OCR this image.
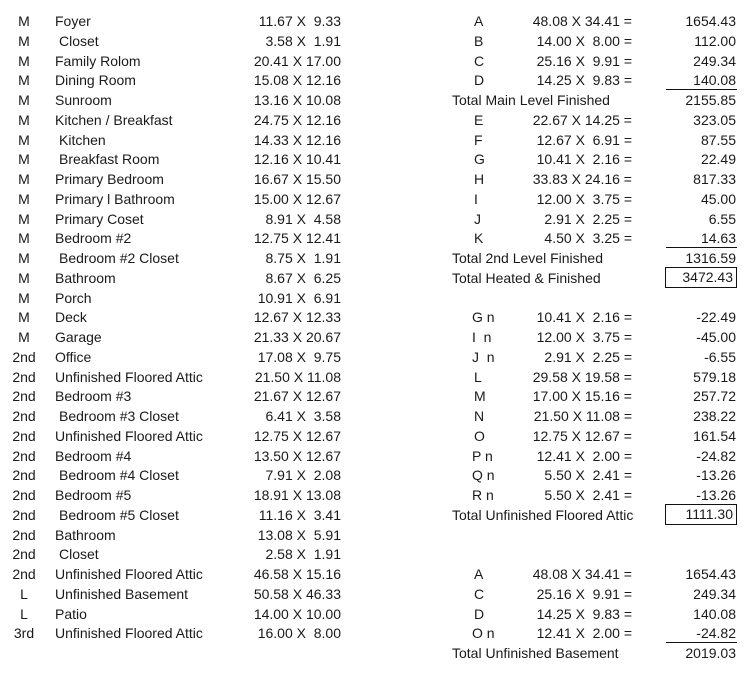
M	Foyer	11.67 X  9.33
M	Closet	3.58 X  1.91
M	Family Rolom	20.41 X 17.00
M	Dining Room	15.08 X 12.16
M	Sunroom	13.16 X 10.08
M	Kitchen / Breakfast	24.75 X 12.16
M	Kitchen	14.33 X 12.16
M	Breakfast Room	12.16 X 10.41
M	Primary Bedroom	16.67 X 15.50
M	Primary l Bathroom	15.00 X 12.67
M	Primary Coset	8.91 X  4.58
M	Bedroom #2	12.75 X 12.41
M	Bedroom #2 Closet	8.75 X  1.91
M	Bathroom	8.67 X  6.25
M	Porch	10.91 X  6.91
M	Deck	12.67 X 12.33
M	Garage	21.33 X 20.67
2nd	Office	17.08 X  9.75
2nd	Unfinished Floored Attic	21.50 X 11.08
2nd	Bedroom #3	21.67 X 12.67
2nd	Bedroom #3 Closet	6.41 X  3.58
2nd	Unfinished Floored Attic	12.75 X 12.67
2nd	Bedroom #4	13.50 X 12.67
2nd	Bedroom #4 Closet	7.91 X  2.08
2nd	Bedroom #5	18.91 X 13.08
2nd	Bedroom #5 Closet	11.16 X  3.41
2nd	Bathroom	13.08 X  5.91
2nd	Closet	2.58 X  1.91
2nd	Unfinished Floored Attic	46.58 X 15.16
L	Unfinished Basement	50.58 X 46.33
L	Patio	14.00 X 10.00
3rd	Unfinished Floored Attic	16.00 X  8.00
A	48.08 X 34.41 =	1654.43
B	14.00 X  8.00 =	112.00
C	25.16 X  9.91 =	249.34
D	14.25 X  9.83 =	140.08
Total Main Level Finished	2155.85
E	22.67 X 14.25 =	323.05
F	12.67 X  6.91 =	87.55
G	10.41 X  2.16 =	22.49
H	33.83 X 24.16 =	817.33
I	12.00 X  3.75 =	45.00
J	2.91 X  2.25 =	6.55
K	4.50 X  3.25 =	14.63
Total 2nd Level Finished	1316.59
Total Heated & Finished	3472.43
G n	10.41 X  2.16 =	-22.49
I  n	12.00 X  3.75 =	-45.00
J  n	2.91 X  2.25 =	-6.55
L	29.58 X 19.58 =	579.18
M	17.00 X 15.16 =	257.72
N	21.50 X 11.08 =	238.22
O	12.75 X 12.67 =	161.54
P n	12.41 X  2.00 =	-24.82
Q n	5.50 X  2.41 =	-13.26
R n	5.50 X  2.41 =	-13.26
Total Unfinished Floored Attic	1111.30
A	48.08 X 34.41 =	1654.43
C	25.16 X  9.91 =	249.34
D	14.25 X  9.83 =	140.08
O n	12.41 X  2.00 =	-24.82
Total Unfinished Basement	2019.03
